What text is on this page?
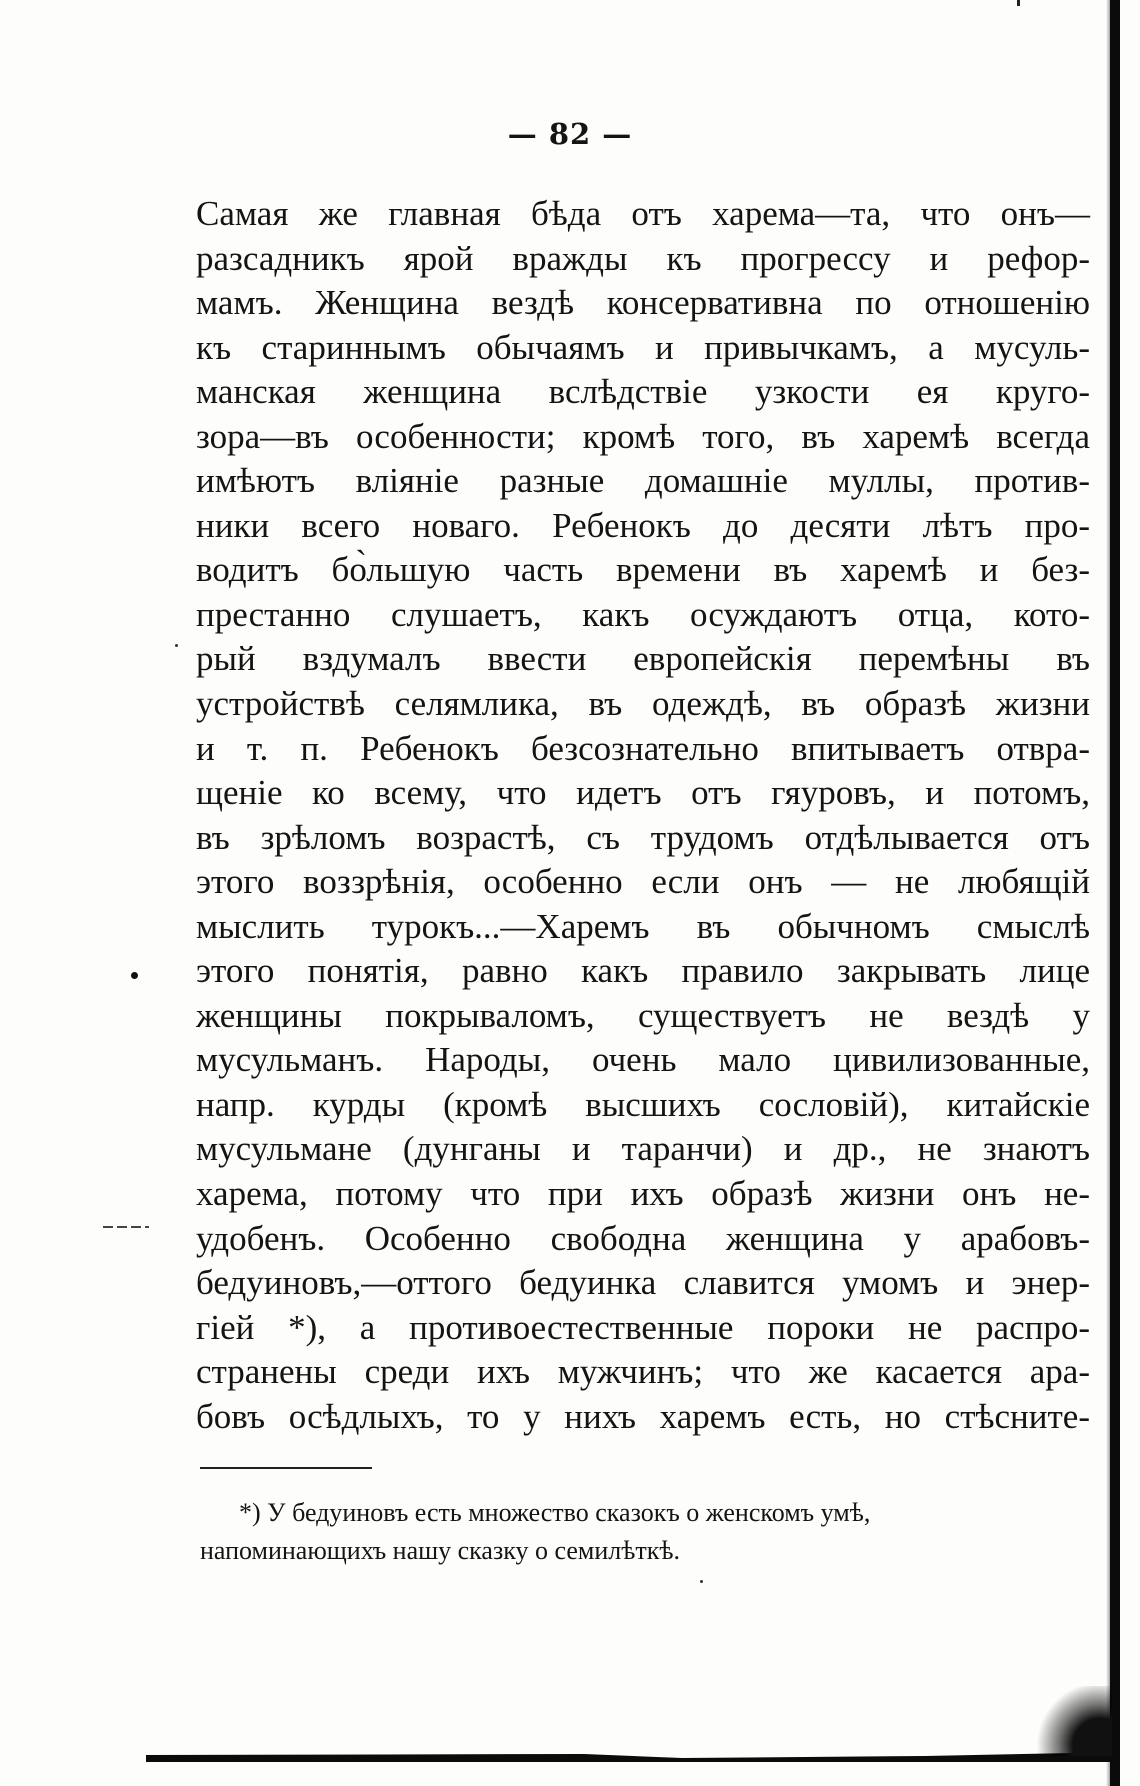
— 82 —
Самая же главная бѣда отъ харема—та, что онъ—
разсадникъ ярой вражды къ прогрессу и рефор-
мамъ. Женщина вездѣ консервативна по отношенію
къ стариннымъ обычаямъ и привычкамъ, а мусуль-
манская женщина вслѣдствіе узкости ея круго-
зора—въ особенности; кромѣ того, въ харемѣ всегда
имѣютъ вліяніе разные домашніе муллы, против-
ники всего новаго. Ребенокъ до десяти лѣтъ про-
водитъ бо̀льшую часть времени въ харемѣ и без-
престанно слушаетъ, какъ осуждаютъ отца, кото-
рый вздумалъ ввести европейскія перемѣны въ
устройствѣ селямлика, въ одеждѣ, въ образѣ жизни
и т. п. Ребенокъ безсознательно впитываетъ отвра-
щеніе ко всему, что идетъ отъ гяуровъ, и потомъ,
въ зрѣломъ возрастѣ, съ трудомъ отдѣлывается отъ
этого воззрѣнія, особенно если онъ — не любящій
мыслить турокъ...—Харемъ въ обычномъ смыслѣ
этого понятія, равно какъ правило закрывать лице
женщины покрываломъ, существуетъ не вездѣ у
мусульманъ. Народы, очень мало цивилизованные,
напр. курды (кромѣ высшихъ сословій), китайскіе
мусульмане (дунганы и таранчи) и др., не знаютъ
харема, потому что при ихъ образѣ жизни онъ не-
удобенъ. Особенно свободна женщина у арабовъ-
бедуиновъ,—оттого бедуинка славится умомъ и энер-
гіей *), а противоестественные пороки не распро-
странены среди ихъ мужчинъ; что же касается ара-
бовъ осѣдлыхъ, то у нихъ харемъ есть, но стѣсните-
*) У бедуиновъ есть множество сказокъ о женскомъ умѣ,
напоминающихъ нашу сказку о семилѣткѣ.
